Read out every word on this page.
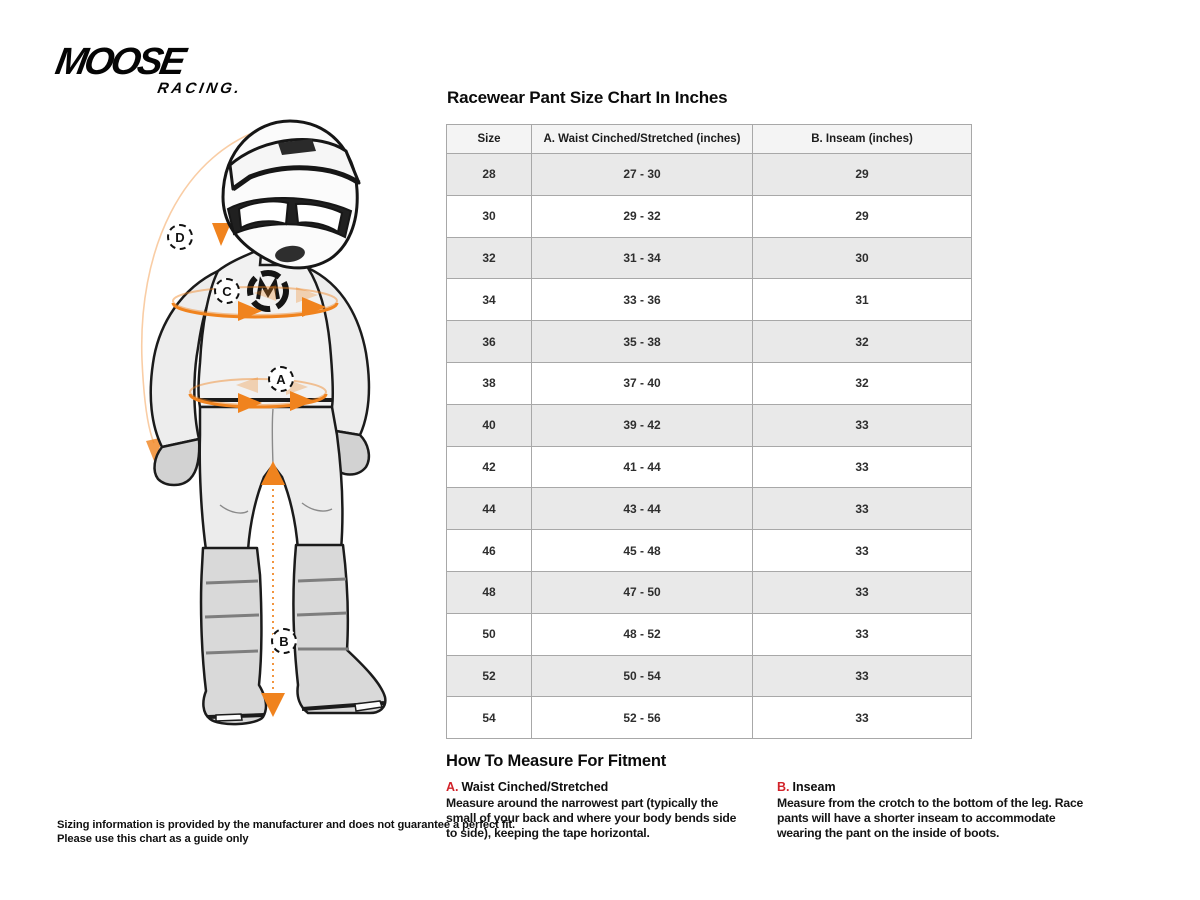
MOOSE
RACING.
D
C
A
B
Racewear Pant Size Chart In Inches
Size	A. Waist Cinched/Stretched (inches)	B. Inseam (inches)
28	27 - 30	29
30	29 - 32	29
32	31 - 34	30
34	33 - 36	31
36	35 - 38	32
38	37 - 40	32
40	39 - 42	33
42	41 - 44	33
44	43 - 44	33
46	45 - 48	33
48	47 - 50	33
50	48 - 52	33
52	50 - 54	33
54	52 - 56	33
How To Measure For Fitment
A. Waist Cinched/Stretched

Measure around the narrowest part (typically the small of your back and where your body bends side to side), keeping the tape horizontal.

B. Inseam

Measure from the crotch to the bottom of the leg. Race pants will have a shorter inseam to accommodate wearing the pant on the inside of boots.

Sizing information is provided by the manufacturer and does not guarantee a perfect fit.
Please use this chart as a guide only
